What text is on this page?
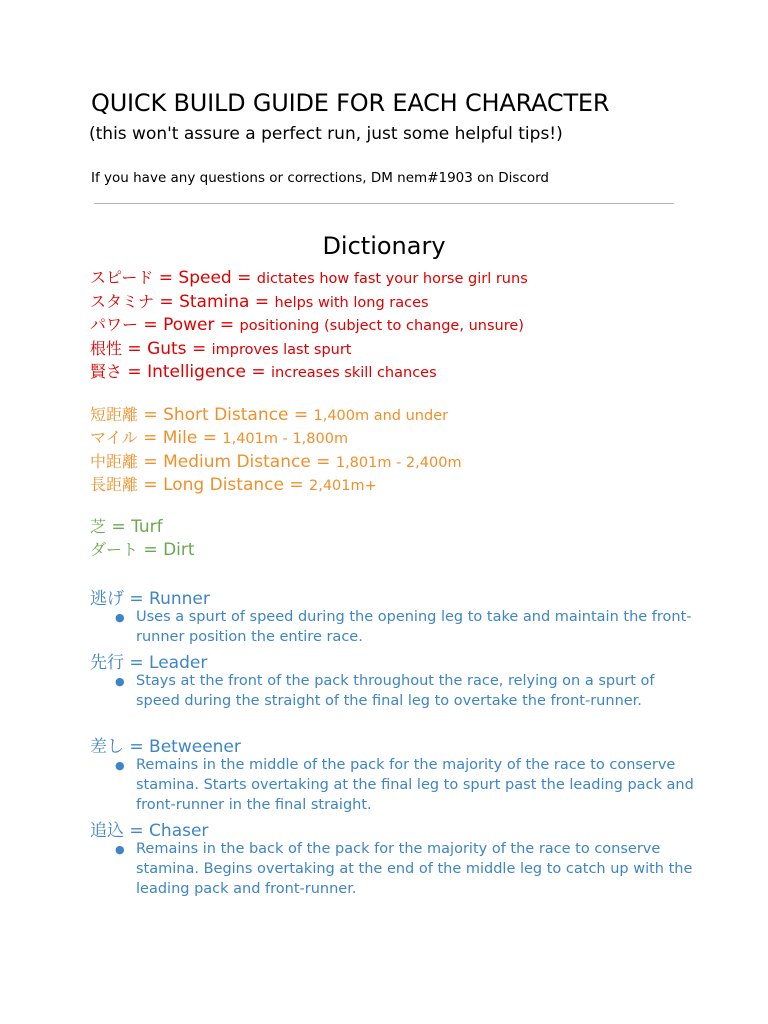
QUICK BUILD GUIDE FOR EACH CHARACTER
(this won't assure a perfect run, just some helpful tips!)
If you have any questions or corrections, DM nem#1903 on Discord
Dictionary
スピード = Speed = dictates how fast your horse girl runs
スタミナ = Stamina = helps with long races
パワー = Power = positioning (subject to change, unsure)
根性 = Guts = improves last spurt
賢さ = Intelligence = increases skill chances
短距離 = Short Distance = 1,400m and under
マイル = Mile = 1,401m - 1,800m
中距離 = Medium Distance = 1,801m - 2,400m
長距離 = Long Distance = 2,401m+
芝 = Turf
ダート = Dirt
逃げ = Runner
● Uses a spurt of speed during the opening leg to take and maintain the front-runner position the entire race.
先行 = Leader
● Stays at the front of the pack throughout the race, relying on a spurt of speed during the straight of the final leg to overtake the front-runner.
差し = Betweener
● Remains in the middle of the pack for the majority of the race to conserve stamina. Starts overtaking at the final leg to spurt past the leading pack and front-runner in the final straight.
追込 = Chaser
● Remains in the back of the pack for the majority of the race to conserve stamina. Begins overtaking at the end of the middle leg to catch up with the leading pack and front-runner.
